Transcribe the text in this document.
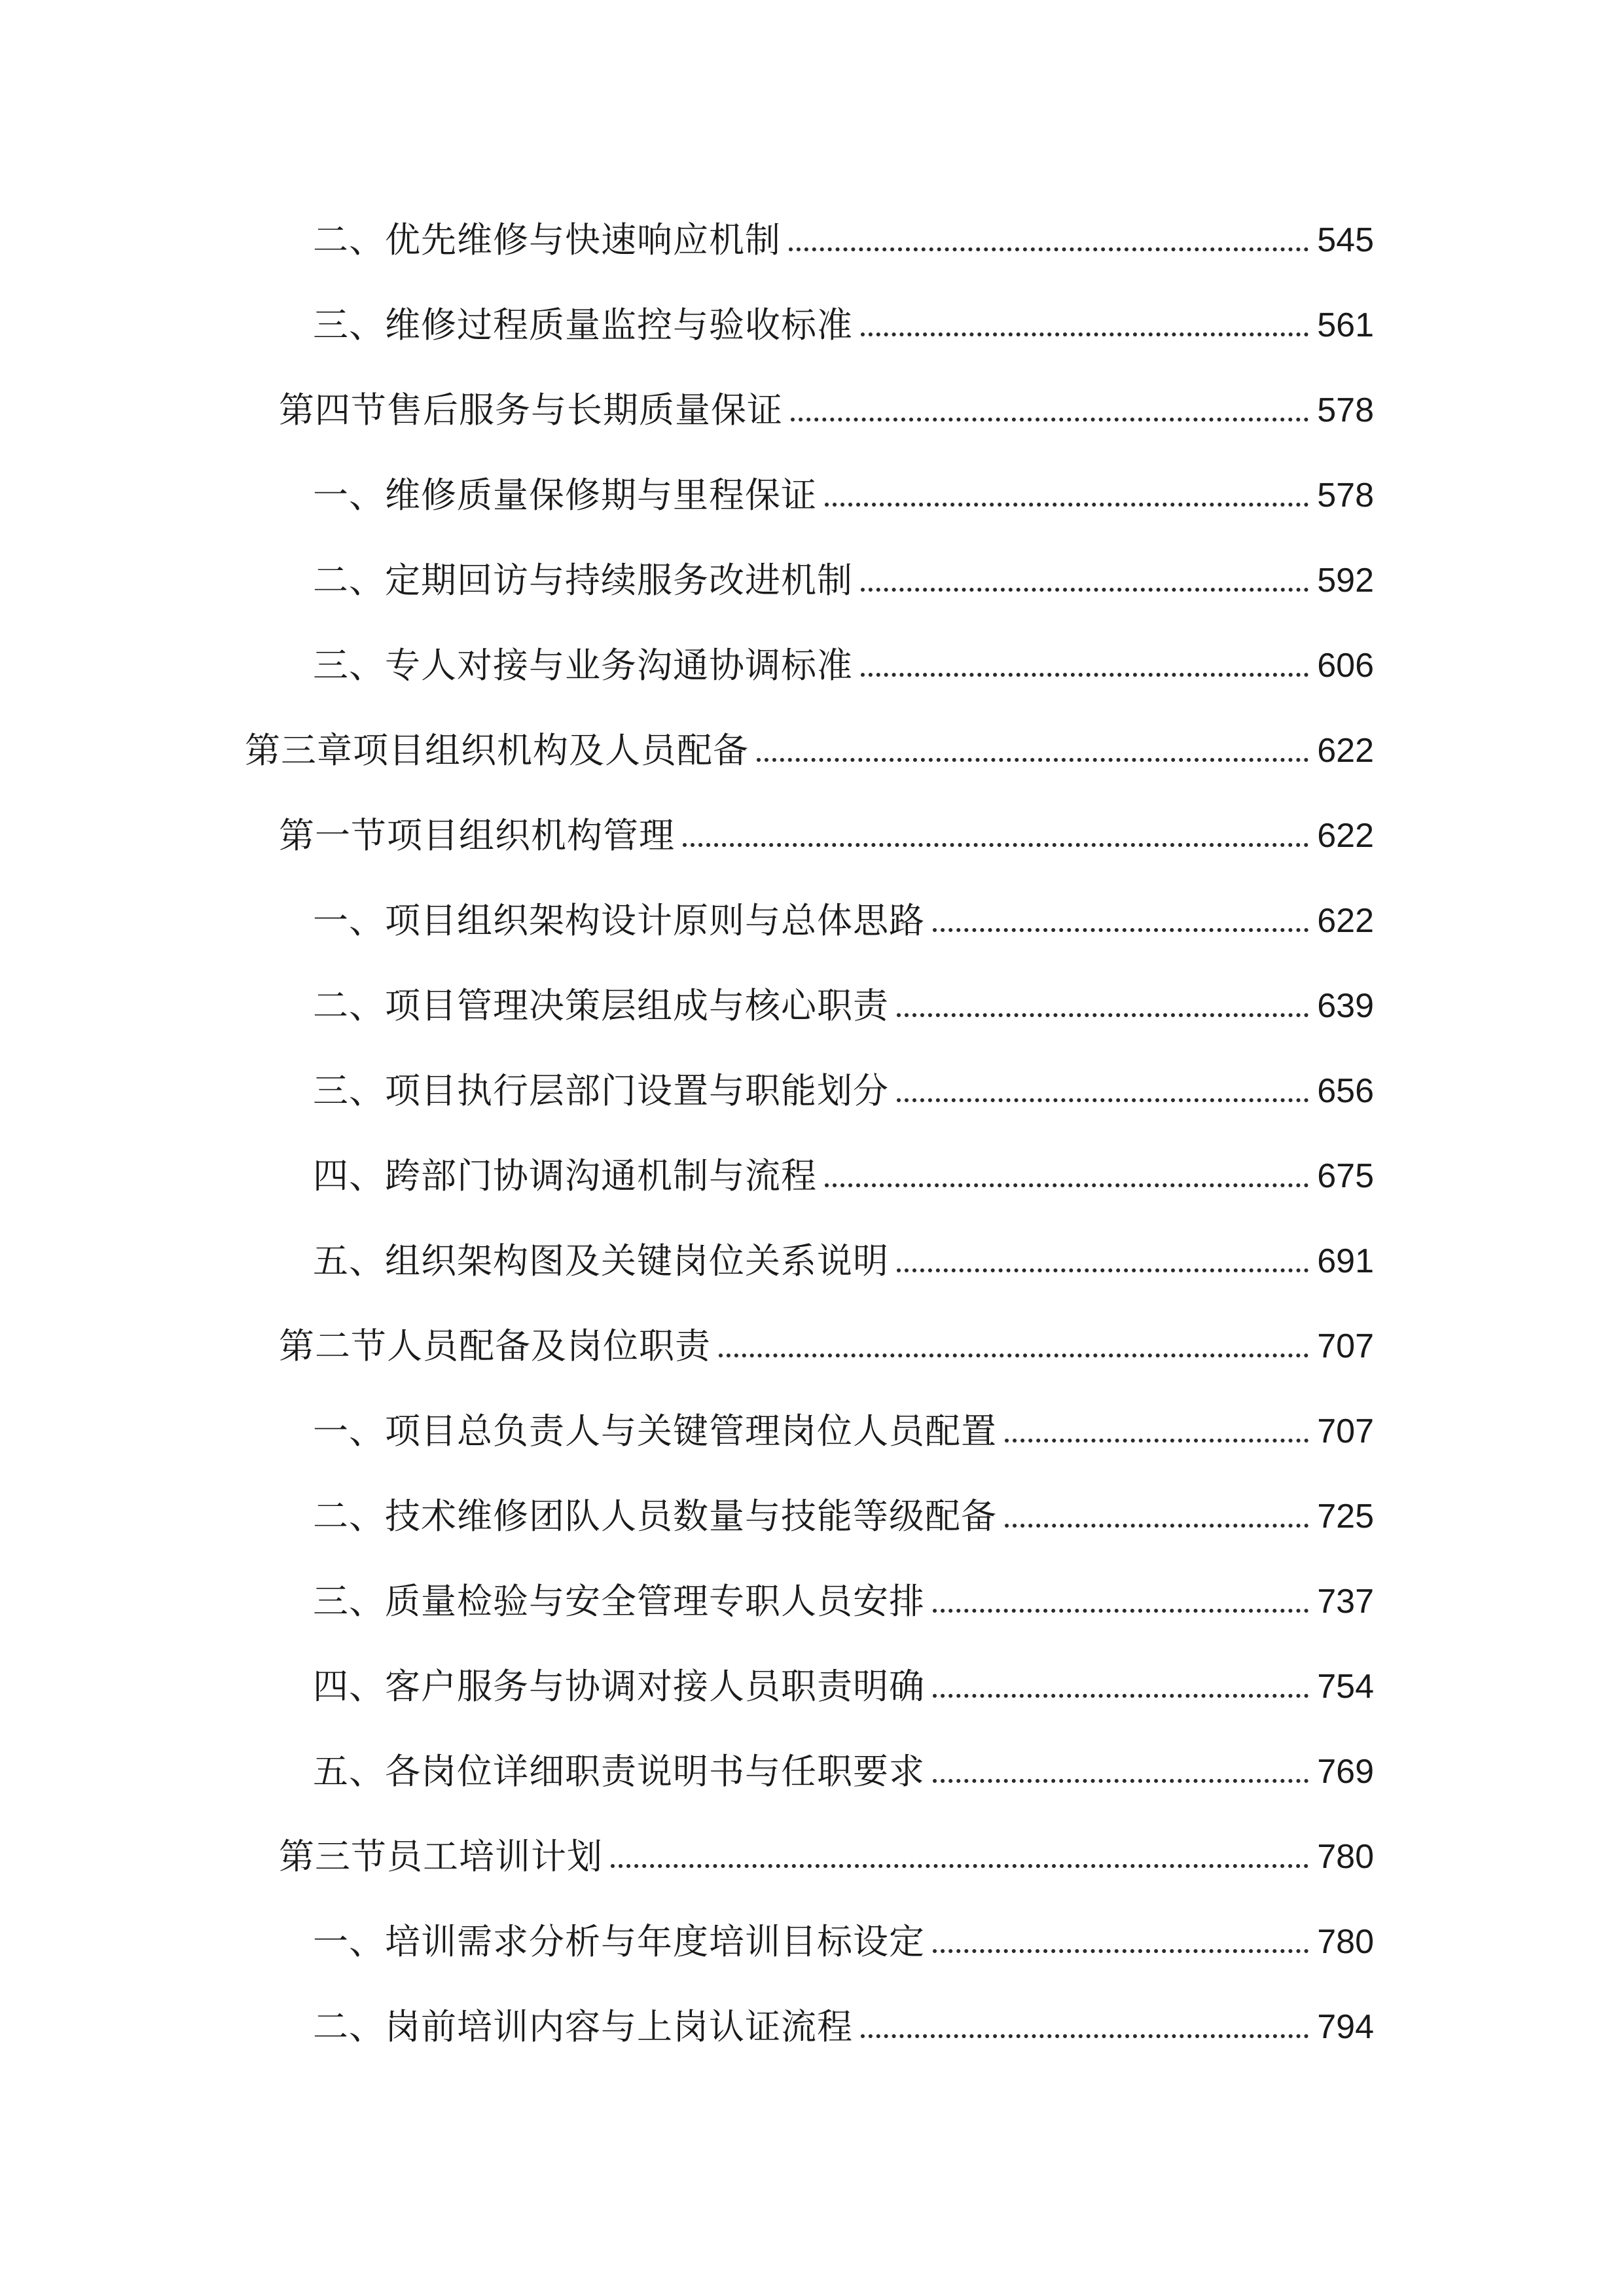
二、优先维修与快速响应机制	545
三、维修过程质量监控与验收标准	561
第四节售后服务与长期质量保证	578
一、维修质量保修期与里程保证	578
二、定期回访与持续服务改进机制	592
三、专人对接与业务沟通协调标准	606
第三章项目组织机构及人员配备	622
第一节项目组织机构管理	622
一、项目组织架构设计原则与总体思路	622
二、项目管理决策层组成与核心职责	639
三、项目执行层部门设置与职能划分	656
四、跨部门协调沟通机制与流程	675
五、组织架构图及关键岗位关系说明	691
第二节人员配备及岗位职责	707
一、项目总负责人与关键管理岗位人员配置	707
二、技术维修团队人员数量与技能等级配备	725
三、质量检验与安全管理专职人员安排	737
四、客户服务与协调对接人员职责明确	754
五、各岗位详细职责说明书与任职要求	769
第三节员工培训计划	780
一、培训需求分析与年度培训目标设定	780
二、岗前培训内容与上岗认证流程	794
